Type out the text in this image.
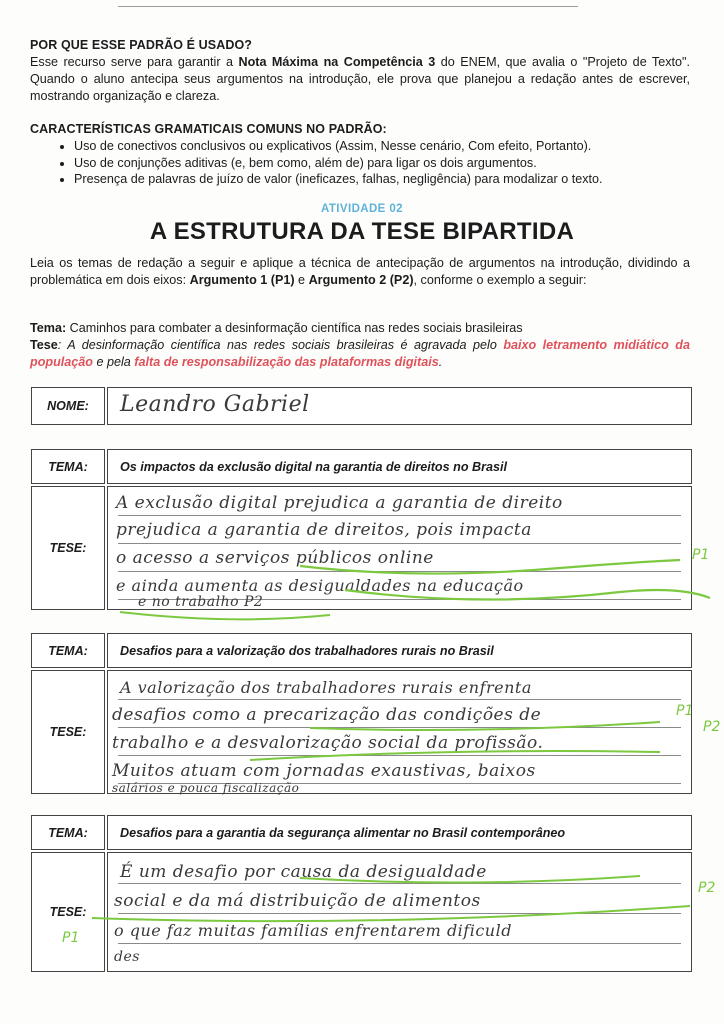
POR QUE ESSE PADRÃO É USADO?
Esse recurso serve para garantir a Nota Máxima na Competência 3 do ENEM, que avalia o "Projeto de Texto". Quando o aluno antecipa seus argumentos na introdução, ele prova que planejou a redação antes de escrever, mostrando organização e clareza.
CARACTERÍSTICAS GRAMATICAIS COMUNS NO PADRÃO:
• Uso de conectivos conclusivos ou explicativos (Assim, Nesse cenário, Com efeito, Portanto).
• Uso de conjunções aditivas (e, bem como, além de) para ligar os dois argumentos.
• Presença de palavras de juízo de valor (ineficazes, falhas, negligência) para modalizar o texto.
ATIVIDADE 02
A ESTRUTURA DA TESE BIPARTIDA
Leia os temas de redação a seguir e aplique a técnica de antecipação de argumentos na introdução, dividindo a problemática em dois eixos: Argumento 1 (P1) e Argumento 2 (P2), conforme o exemplo a seguir:
Tema: Caminhos para combater a desinformação científica nas redes sociais brasileiras
Tese: A desinformação científica nas redes sociais brasileiras é agravada pelo baixo letramento midiático da população e pela falta de responsabilização das plataformas digitais.
NOME:	Leandro Gabriel
TEMA:	Os impactos da exclusão digital na garantia de direitos no Brasil
TESE:
A exclusão digital prejudica a garantia de direito
prejudica a garantia de direitos, pois impacta
o acesso a serviços públicos online
e ainda aumenta as desigualdades na educação
e no trabalho P2
TEMA:	Desafios para a valorização dos trabalhadores rurais no Brasil
TESE:
A valorização dos trabalhadores rurais enfrenta
desafios como a precarização das condições de
trabalho e a desvalorização social da profissão.
Muitos atuam com jornadas exaustivas, baixos
salários e pouca fiscalização
TEMA:	Desafios para a garantia da segurança alimentar no Brasil contemporâneo
TESE:
É um desafio por causa da desigualdade
social e da má distribuição de alimentos
o que faz muitas famílias enfrentarem dificuld
des
P1
P1
P2
P2
P1
